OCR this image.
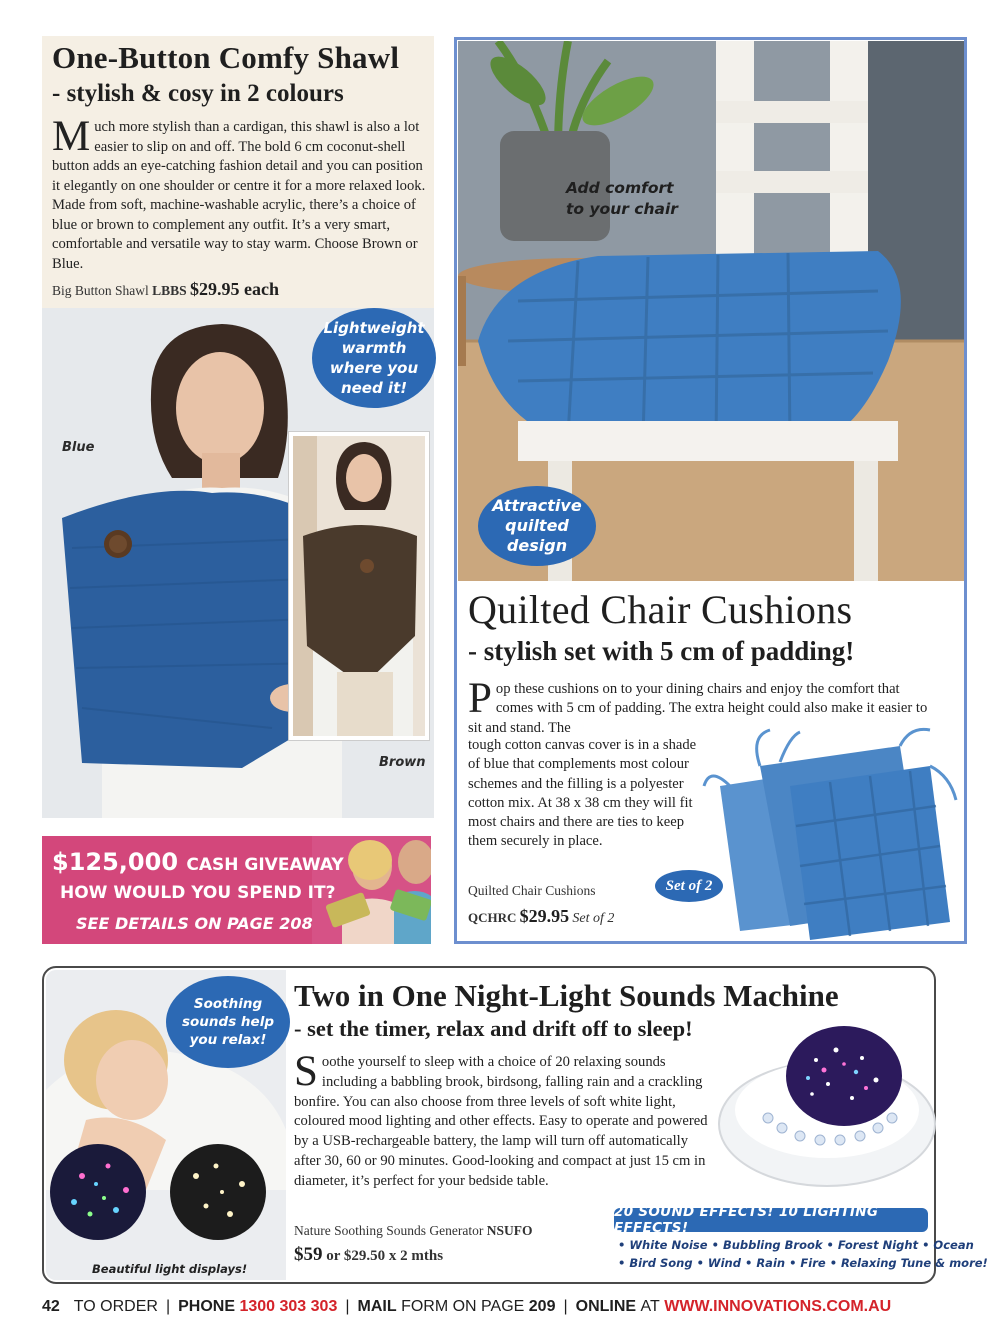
One-Button Comfy Shawl
- stylish & cosy in 2 colours
Much more stylish than a cardigan, this shawl is also a lot easier to slip on and off. The bold 6 cm coconut-shell button adds an eye-catching fashion detail and you can position it elegantly on one shoulder or centre it for a more relaxed look. Made from soft, machine-washable acrylic, there’s a choice of blue or brown to complement any outfit. It’s a very smart, comfortable and versatile way to stay warm. Choose Brown or Blue.
Big Button Shawl LBBS $29.95 each
Blue
Brown
Lightweight warmth where you need it!
$125,000 CASH GIVEAWAY
HOW WOULD YOU SPEND IT?
SEE DETAILS ON PAGE 208
Add comfort to your chair
Attractive quilted design
Quilted Chair Cushions
- stylish set with 5 cm of padding!
Pop these cushions on to your dining chairs and enjoy the comfort that comes with 5 cm of padding. The extra height could also make it easier to sit and stand. The
tough cotton canvas cover is in a shade of blue that complements most colour schemes and the filling is a polyester cotton mix. At 38 x 38 cm they will fit most chairs and there are ties to keep them securely in place.
Set of 2
Quilted Chair Cushions
QCHRC $29.95 Set of 2
Soothing sounds help you relax!
Beautiful light displays!
Two in One Night-Light Sounds Machine
- set the timer, relax and drift off to sleep!
Soothe yourself to sleep with a choice of 20 relaxing sounds including a babbling brook, birdsong, falling rain and a crackling bonfire. You can also choose from three levels of soft white light, coloured mood lighting and other effects. Easy to operate and powered by a USB-rechargeable battery, the lamp will turn off automatically after 30, 60 or 90 minutes. Good-looking and compact at just 15 cm in diameter, it’s perfect for your bedside table.
Nature Soothing Sounds Generator NSUFO
$59 or $29.50 x 2 mths
20 SOUND EFFECTS! 10 LIGHTING EFFECTS!
• White Noise • Bubbling Brook • Forest Night • Ocean
• Bird Song • Wind • Rain • Fire • Relaxing Tune & more!
42 TO ORDER | PHONE 1300 303 303 | MAIL FORM ON PAGE 209 | ONLINE AT WWW.INNOVATIONS.COM.AU
